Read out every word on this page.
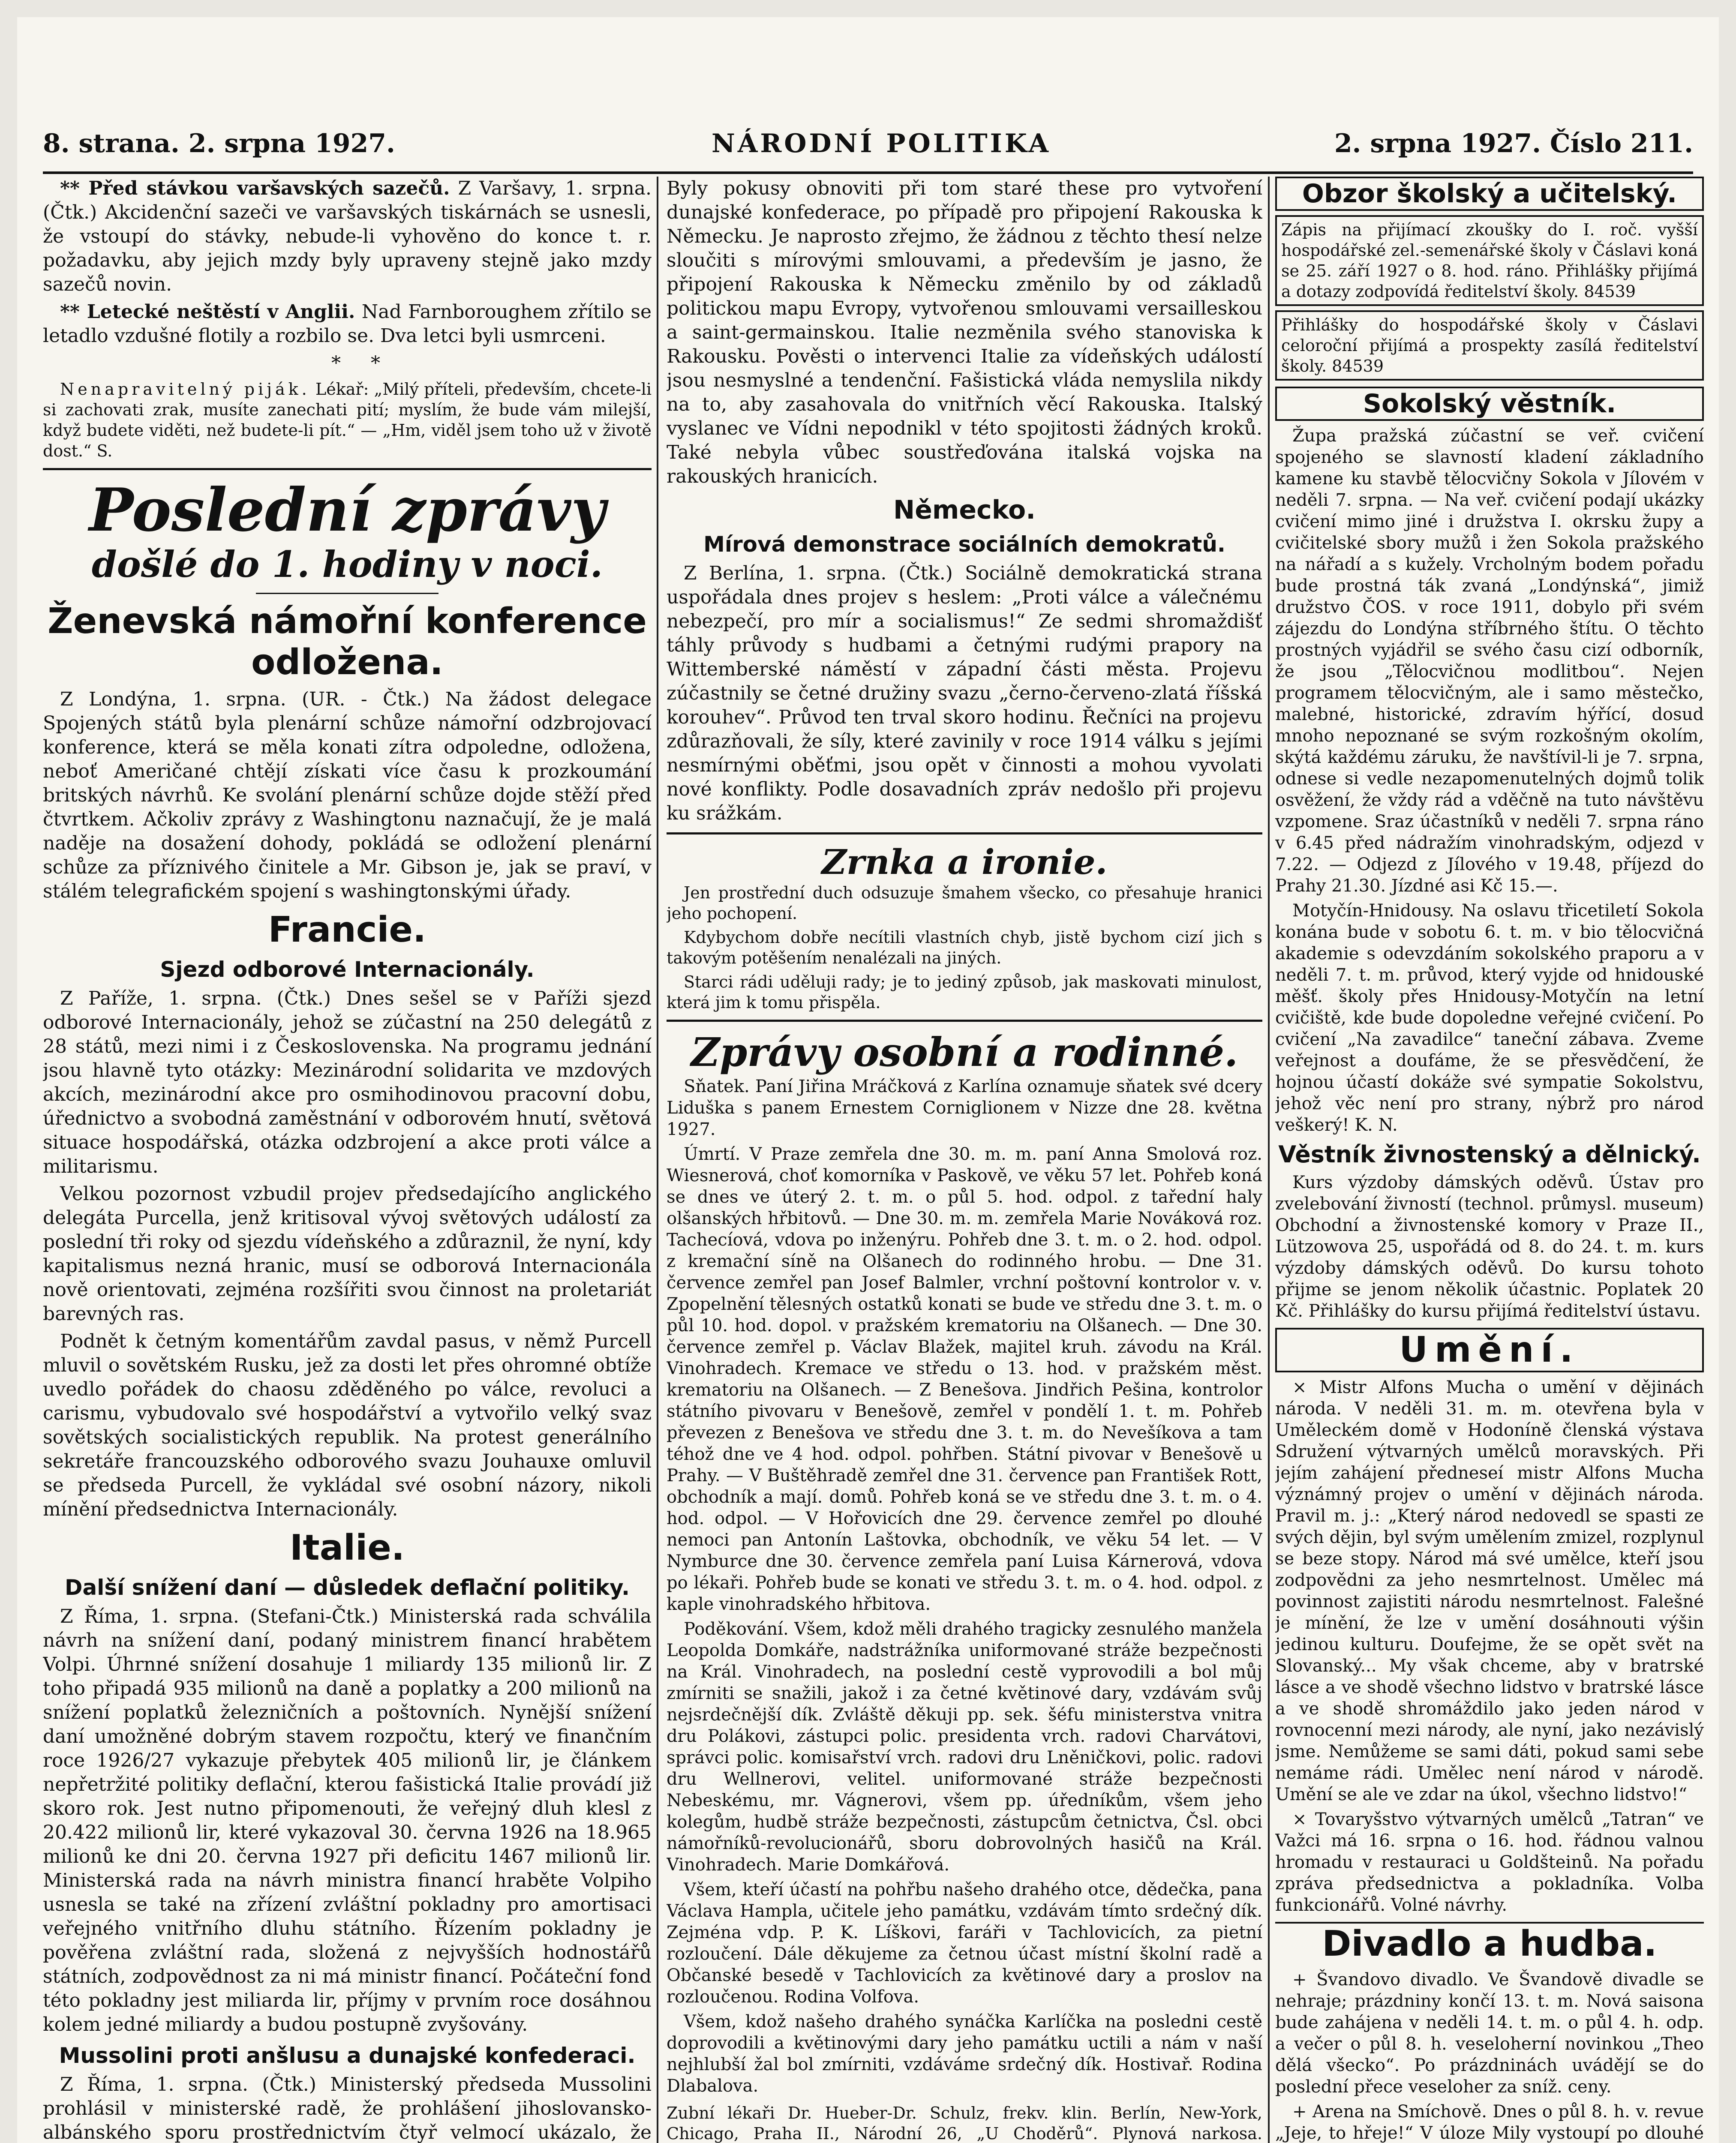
8. strana. 2. srpna 1927.	NÁRODNÍ POLITIKA	2. srpna 1927. Číslo 211.

** Před stávkou varšavských sazečů. Z Varšavy, 1. srpna. (Čtk.) Akcidenční sazeči ve varšavských tiskárnách se usnesli, že vstoupí do stávky, nebude-li vyhověno do konce t. r. požadavku, aby jejich mzdy byly upraveny stejně jako mzdy sazečů novin.

** Letecké neštěstí v Anglii. Nad Farnboroughem zřítilo se letadlo vzdušné flotily a rozbilo se. Dva letci byli usmrceni.

*     *

Nenapravitelný piják. Lékař: „Milý příteli, především, chcete-li si zachovati zrak, musíte zanechati pití; myslím, že bude vám milejší, když budete viděti, než budete-li pít.“ — „Hm, viděl jsem toho už v životě dost.“ S.

Poslední zprávy
došlé do 1. hodiny v noci.
Ženevská námořní konference odložena.

Z Londýna, 1. srpna. (UR. - Čtk.) Na žádost delegace Spojených států byla plenární schůze námořní odzbrojovací konference, která se měla konati zítra odpoledne, odložena, neboť Američané chtějí získati více času k prozkoumání britských návrhů. Ke svolání plenární schůze dojde stěží před čtvrtkem. Ačkoliv zprávy z Washingtonu naznačují, že je malá naděje na dosažení dohody, pokládá se odložení plenární schůze za příznivého činitele a Mr. Gibson je, jak se praví, v stálém telegrafickém spojení s washingtonskými úřady.

Francie.
Sjezd odborové Internacionály.

Z Paříže, 1. srpna. (Čtk.) Dnes sešel se v Paříži sjezd odborové Internacionály, jehož se zúčastní na 250 delegátů z 28 států, mezi nimi i z Československa. Na programu jednání jsou hlavně tyto otázky: Mezinárodní solidarita ve mzdových akcích, mezinárodní akce pro osmihodinovou pracovní dobu, úřednictvo a svobodná zaměstnání v odborovém hnutí, světová situace hospodářská, otázka odzbrojení a akce proti válce a militarismu.

Velkou pozornost vzbudil projev předsedajícího anglického delegáta Purcella, jenž kritisoval vývoj světových událostí za poslední tři roky od sjezdu vídeňského a zdůraznil, že nyní, kdy kapitalismus nezná hranic, musí se odborová Internacionála nově orientovati, zejména rozšířiti svou činnost na proletariát barevných ras.

Podnět k četným komentářům zavdal pasus, v němž Purcell mluvil o sovětském Rusku, jež za dosti let přes ohromné obtíže uvedlo pořádek do chaosu zděděného po válce, revoluci a carismu, vybudovalo své hospodářství a vytvořilo velký svaz sovětských socialistických republik. Na protest generálního sekretáře francouzského odborového svazu Jouhauxe omluvil se předseda Purcell, že vykládal své osobní názory, nikoli mínění předsednictva Internacionály.

Italie.
Další snížení daní — důsledek deflační politiky.

Z Říma, 1. srpna. (Stefani-Čtk.) Ministerská rada schválila návrh na snížení daní, podaný ministrem financí hrabětem Volpi. Úhrnné snížení dosahuje 1 miliardy 135 milionů lir. Z toho připadá 935 milionů na daně a poplatky a 200 milionů na snížení poplatků železničních a poštovních. Nynější snížení daní umožněné dobrým stavem rozpočtu, který ve finančním roce 1926/27 vykazuje přebytek 405 milionů lir, je článkem nepřetržité politiky deflační, kterou fašistická Italie provádí již skoro rok. Jest nutno připomenouti, že veřejný dluh klesl z 20.422 milionů lir, které vykazoval 30. června 1926 na 18.965 milionů ke dni 20. června 1927 při deficitu 1467 milionů lir. Ministerská rada na návrh ministra financí hraběte Volpiho usnesla se také na zřízení zvláštní pokladny pro amortisaci veřejného vnitřního dluhu státního. Řízením pokladny je pověřena zvláštní rada, složená z nejvyšších hodnostářů státních, zodpovědnost za ni má ministr financí. Počáteční fond této pokladny jest miliarda lir, příjmy v prvním roce dosáhnou kolem jedné miliardy a budou postupně zvyšovány.

Mussolini proti anšlusu a dunajské konfederaci.

Z Říma, 1. srpna. (Čtk.) Ministerský předseda Mussolini prohlásil v ministerské radě, že prohlášení jihoslovansko-albánského sporu prostřednictvím čtyř velmocí ukázalo, že

Byly pokusy obnoviti při tom staré these pro vytvoření dunajské konfederace, po případě pro připojení Rakouska k Německu. Je naprosto zřejmo, že žádnou z těchto thesí nelze sloučiti s mírovými smlouvami, a především je jasno, že připojení Rakouska k Německu změnilo by od základů politickou mapu Evropy, vytvořenou smlouvami versailleskou a saint-germainskou. Italie nezměnila svého stanoviska k Rakousku. Pověsti o intervenci Italie za vídeňských událostí jsou nesmyslné a tendenční. Fašistická vláda nemyslila nikdy na to, aby zasahovala do vnitřních věcí Rakouska. Italský vyslanec ve Vídni nepodnikl v této spojitosti žádných kroků. Také nebyla vůbec soustřeďována italská vojska na rakouských hranicích.

Německo.
Mírová demonstrace sociálních demokratů.

Z Berlína, 1. srpna. (Čtk.) Sociálně demokratická strana uspořádala dnes projev s heslem: „Proti válce a válečnému nebezpečí, pro mír a socialismus!“ Ze sedmi shromaždišť táhly průvody s hudbami a četnými rudými prapory na Wittemberské náměstí v západní části města. Projevu zúčastnily se četné družiny svazu „černo-červeno-zlatá říšská korouhev“. Průvod ten trval skoro hodinu. Řečníci na projevu zdůrazňovali, že síly, které zavinily v roce 1914 válku s jejími nesmírnými oběťmi, jsou opět v činnosti a mohou vyvolati nové konflikty. Podle dosavadních zpráv nedošlo při projevu ku srážkám.

Zrnka a ironie.

Jen prostřední duch odsuzuje šmahem všecko, co přesahuje hranici jeho pochopení.

Kdybychom dobře necítili vlastních chyb, jistě bychom cizí jich s takovým potěšením nenalézali na jiných.

Starci rádi uděluji rady; je to jediný způsob, jak maskovati minulost, která jim k tomu přispěla.

Zprávy osobní a rodinné.

Sňatek. Paní Jiřina Mráčková z Karlína oznamuje sňatek své dcery Liduška s panem Ernestem Corniglionem v Nizze dne 28. května 1927.

Úmrtí. V Praze zemřela dne 30. m. m. paní Anna Smolová roz. Wiesnerová, choť komorníka v Paskově, ve věku 57 let. Pohřeb koná se dnes ve úterý 2. t. m. o půl 5. hod. odpol. z tařední haly olšanských hřbitovů. — Dne 30. m. m. zemřela Marie Nováková roz. Tachecíová, vdova po inženýru. Pohřeb dne 3. t. m. o 2. hod. odpol. z kremační síně na Olšanech do rodinného hrobu. — Dne 31. července zemřel pan Josef Balmler, vrchní poštovní kontrolor v. v. Zpopelnění tělesných ostatků konati se bude ve středu dne 3. t. m. o půl 10. hod. dopol. v pražském krematoriu na Olšanech. — Dne 30. července zemřel p. Václav Blažek, majitel kruh. závodu na Král. Vinohradech. Kremace ve středu o 13. hod. v pražském měst. krematoriu na Olšanech. — Z Benešova. Jindřich Pešina, kontrolor státního pivovaru v Benešově, zemřel v pondělí 1. t. m. Pohřeb převezen z Benešova ve středu dne 3. t. m. do Nevešíkova a tam téhož dne ve 4 hod. odpol. pohřben. Státní pivovar v Benešově u Prahy. — V Buštěhradě zemřel dne 31. července pan František Rott, obchodník a mají. domů. Pohřeb koná se ve středu dne 3. t. m. o 4. hod. odpol. — V Hořovicích dne 29. července zemřel po dlouhé nemoci pan Antonín Laštovka, obchodník, ve věku 54 let. — V Nymburce dne 30. července zemřela paní Luisa Kárnerová, vdova po lékaři. Pohřeb bude se konati ve středu 3. t. m. o 4. hod. odpol. z kaple vinohradského hřbitova.

Poděkování. Všem, kdož měli drahého tragicky zesnulého manžela Leopolda Domkáře, nadstrážníka uniformované stráže bezpečnosti na Král. Vinohradech, na poslední cestě vyprovodili a bol můj zmírniti se snažili, jakož i za četné květinové dary, vzdávám svůj nejsrdečnější dík. Zvláště děkuji pp. sek. šéfu ministerstva vnitra dru Polákovi, zástupci polic. presidenta vrch. radovi Charvátovi, správci polic. komisařství vrch. radovi dru Lněničkovi, polic. radovi dru Wellnerovi, velitel. uniformované stráže bezpečnosti Nebeskému, mr. Vágnerovi, všem pp. úředníkům, všem jeho kolegům, hudbě stráže bezpečnosti, zástupcům četnictva, Čsl. obci námořníků-revolucionářů, sboru dobrovolných hasičů na Král. Vinohradech. Marie Domkářová.

Všem, kteří účastí na pohřbu našeho drahého otce, dědečka, pana Václava Hampla, učitele jeho památku, vzdávám tímto srdečný dík. Zejména vdp. P. K. Líškovi, faráři v Tachlovicích, za pietní rozloučení. Dále děkujeme za četnou účast místní školní radě a Občanské besedě v Tachlovicích za květinové dary a proslov na rozloučenou. Rodina Volfova.

Všem, kdož našeho drahého synáčka Karlíčka na posledni cestě doprovodili a květinovými dary jeho památku uctili a nám v naší nejhlubší žal bol zmírniti, vzdáváme srdečný dík. Hostivař. Rodina Dlabalova.

Zubní lékaři Dr. Hueber-Dr. Schulz, frekv. klin. Berlín, New-York, Chicago, Praha II., Národní 26, „U Choděrů“. Plynová narkosa.
Obzor školský a učitelský.
Zápis na přijímací zkoušky do I. roč. vyšší hospodářské zel.-semenářské školy v Čáslavi koná se 25. září 1927 o 8. hod. ráno. Přihlášky přijímá a dotazy zodpovídá ředitelství školy. 84539
Přihlášky do hospodářské školy v Čáslavi celoroční přijímá a prospekty zasílá ředitelství školy. 84539
Sokolský věstník.

Župa pražská zúčastní se veř. cvičení spojeného se slavností kladení základního kamene ku stavbě tělocvičny Sokola v Jílovém v neděli 7. srpna. — Na veř. cvičení podají ukázky cvičení mimo jiné i družstva I. okrsku župy a cvičitelské sbory mužů i žen Sokola pražského na nářadí a s kužely. Vrcholným bodem pořadu bude prostná ták zvaná „Londýnská“, jimiž družstvo ČOS. v roce 1911, dobylo při svém zájezdu do Londýna stříbrného štítu. O těchto prostných vyjádřil se svého času cizí odborník, že jsou „Tělocvičnou modlitbou“. Nejen programem tělocvičným, ale i samo městečko, malebné, historické, zdravím hýřící, dosud mnoho nepoznané se svým rozkošným okolím, skýtá každému záruku, že navštívil-li je 7. srpna, odnese si vedle nezapomenutelných dojmů tolik osvěžení, že vždy rád a vděčně na tuto návštěvu vzpomene. Sraz účastníků v neděli 7. srpna ráno v 6.45 před nádražím vinohradským, odjezd v 7.22. — Odjezd z Jílového v 19.48, příjezd do Prahy 21.30. Jízdné asi Kč 15.—.

Motyčín-Hnidousy. Na oslavu třicetiletí Sokola konána bude v sobotu 6. t. m. v bio tělocvičná akademie s odevzdáním sokolského praporu a v neděli 7. t. m. průvod, který vyjde od hnidouské měšť. školy přes Hnidousy-Motyčín na letní cvičiště, kde bude dopoledne veřejné cvičení. Po cvičení „Na zavadilce“ taneční zábava. Zveme veřejnost a doufáme, že se přesvědčení, že hojnou účastí dokáže své sympatie Sokolstvu, jehož věc není pro strany, nýbrž pro národ veškerý! K. N.

Věstník živnostenský a dělnický.

Kurs výzdoby dámských oděvů. Ústav pro zvelebování živností (technol. průmysl. museum) Obchodní a živnostenské komory v Praze II., Lützowova 25, uspořádá od 8. do 24. t. m. kurs výzdoby dámských oděvů. Do kursu tohoto přijme se jenom několik účastnic. Poplatek 20 Kč. Přihlášky do kursu přijímá ředitelství ústavu.

Umění.

× Mistr Alfons Mucha o umění v dějinách národa. V neděli 31. m. m. otevřena byla v Uměleckém domě v Hodoníně členská výstava Sdružení výtvarných umělců moravských. Při jejím zahájení předneseí mistr Alfons Mucha význámný projev o umění v dějinách národa. Pravil m. j.: „Který národ nedovedl se spasti ze svých dějin, byl svým umělením zmizel, rozplynul se beze stopy. Národ má své umělce, kteří jsou zodpovědni za jeho nesmrtelnost. Umělec má povinnost zajistiti národu nesmrtelnost. Falešné je mínění, že lze v umění dosáhnouti výšin jedinou kulturu. Doufejme, že se opět svět na Slovanský... My však chceme, aby v bratrské lásce a ve shodě všechno lidstvo v bratrské lásce a ve shodě shromáždilo jako jeden národ v rovnocenní mezi národy, ale nyní, jako nezávislý jsme. Nemůžeme se sami dáti, pokud sami sebe nemáme rádi. Umělec není národ v národě. Umění se ale ve zdar na úkol, všechno lidstvo!“

× Tovaryšstvo výtvarných umělců „Tatran“ ve Važci má 16. srpna o 16. hod. řádnou valnou hromadu v restauraci u Goldšteinů. Na pořadu zpráva předsednictva a pokladníka. Volba funkcionářů. Volné návrhy.

Divadlo a hudba.

+ Švandovo divadlo. Ve Švandově divadle se nehraje; prázdniny končí 13. t. m. Nová saisona bude zahájena v neděli 14. t. m. o půl 4. h. odp. a večer o půl 8. h. veseloherní novinkou „Theo dělá všecko“. Po prázdninách uvádějí se do poslední přece veseloher za sníž. ceny.

+ Arena na Smíchově. Dnes o půl 8. h. v. revue „Jeje, to hřeje!“ V úloze Mily vystoupí po dlouhé
